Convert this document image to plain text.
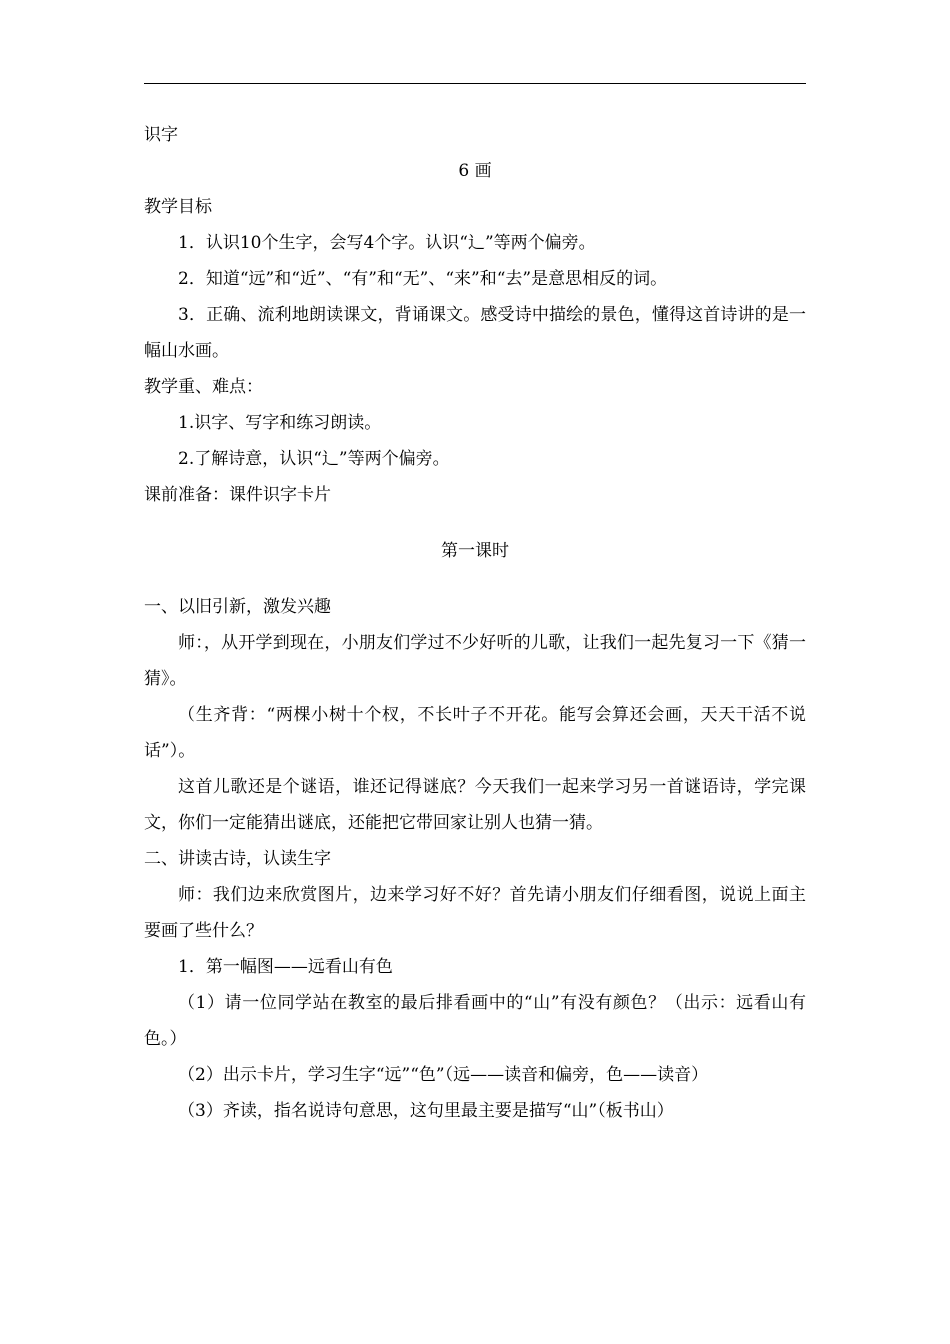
识字

6 画

教学目标

1．认识10个生字，会写4个字。认识“辶”等两个偏旁。

2．知道“远”和“近”、“有”和“无”、“来”和“去”是意思相反的词。

3．正确、流利地朗读课文，背诵课文。感受诗中描绘的景色，懂得这首诗讲的是一幅山水画。

教学重、难点：

1.识字、写字和练习朗读。

2.了解诗意，认识“辶”等两个偏旁。

课前准备：课件识字卡片

第一课时

一、以旧引新，激发兴趣

师：，从开学到现在，小朋友们学过不少好听的儿歌，让我们一起先复习一下《猜一猜》。

（生齐背：“两棵小树十个杈，不长叶子不开花。能写会算还会画，天天干活不说话”）。

这首儿歌还是个谜语，谁还记得谜底？今天我们一起来学习另一首谜语诗，学完课文，你们一定能猜出谜底，还能把它带回家让别人也猜一猜。

二、讲读古诗，认读生字

师：我们边来欣赏图片，边来学习好不好？首先请小朋友们仔细看图，说说上面主要画了些什么？

1．第一幅图——远看山有色

（1）请一位同学站在教室的最后排看画中的“山”有没有颜色？（出示：远看山有色。）

（2）出示卡片，学习生字“远”“色”（远——读音和偏旁，色——读音）

（3）齐读，指名说诗句意思，这句里最主要是描写“山”（板书山）
